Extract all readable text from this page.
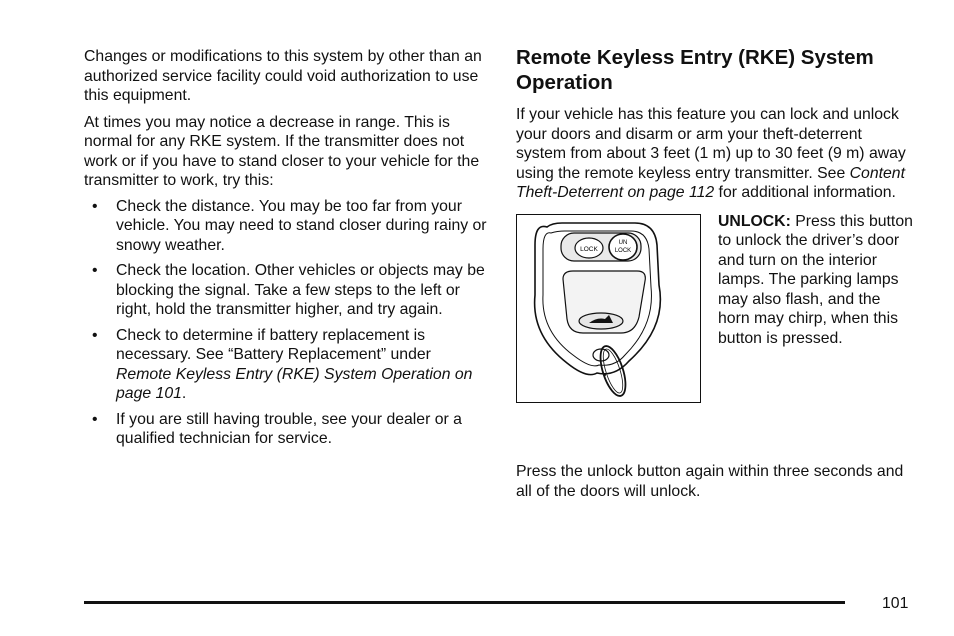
Changes or modifications to this system by other than an authorized service facility could void authorization to use this equipment.

At times you may notice a decrease in range. This is normal for any RKE system. If the transmitter does not work or if you have to stand closer to your vehicle for the transmitter to work, try this:

• Check the distance. You may be too far from your vehicle. You may need to stand closer during rainy or snowy weather.
• Check the location. Other vehicles or objects may be blocking the signal. Take a few steps to the left or right, hold the transmitter higher, and try again.
• Check to determine if battery replacement is necessary. See “Battery Replacement” under Remote Keyless Entry (RKE) System Operation on page 101.
• If you are still having trouble, see your dealer or a qualified technician for service.
Remote Keyless Entry (RKE) System Operation

If your vehicle has this feature you can lock and unlock your doors and disarm or arm your theft-deterrent system from about 3 feet (1 m) up to 30 feet (9 m) away using the remote keyless entry transmitter. See Content Theft-Deterrent on page 112 for additional information.

LOCK
UN
LOCK

UNLOCK: Press this button to unlock the driver’s door and turn on the interior lamps. The parking lamps may also flash, and the horn may chirp, when this button is pressed.

Press the unlock button again within three seconds and all of the doors will unlock.

101
